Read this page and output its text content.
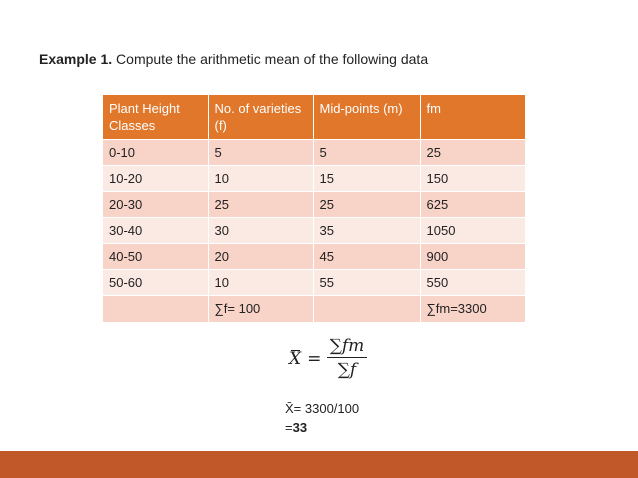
Example 1. Compute the arithmetic mean of the following data
Plant Height Classes	No. of varieties (f)	Mid-points (m)	fm
0-10	5	5	25
10-20	10	15	150
20-30	25	25	625
30-40	30	35	1050
40-50	20	45	900
50-60	10	55	550
	∑f= 100		∑fm=3300
X =
∑fm
∑f
X̄= 3300/100
=33
